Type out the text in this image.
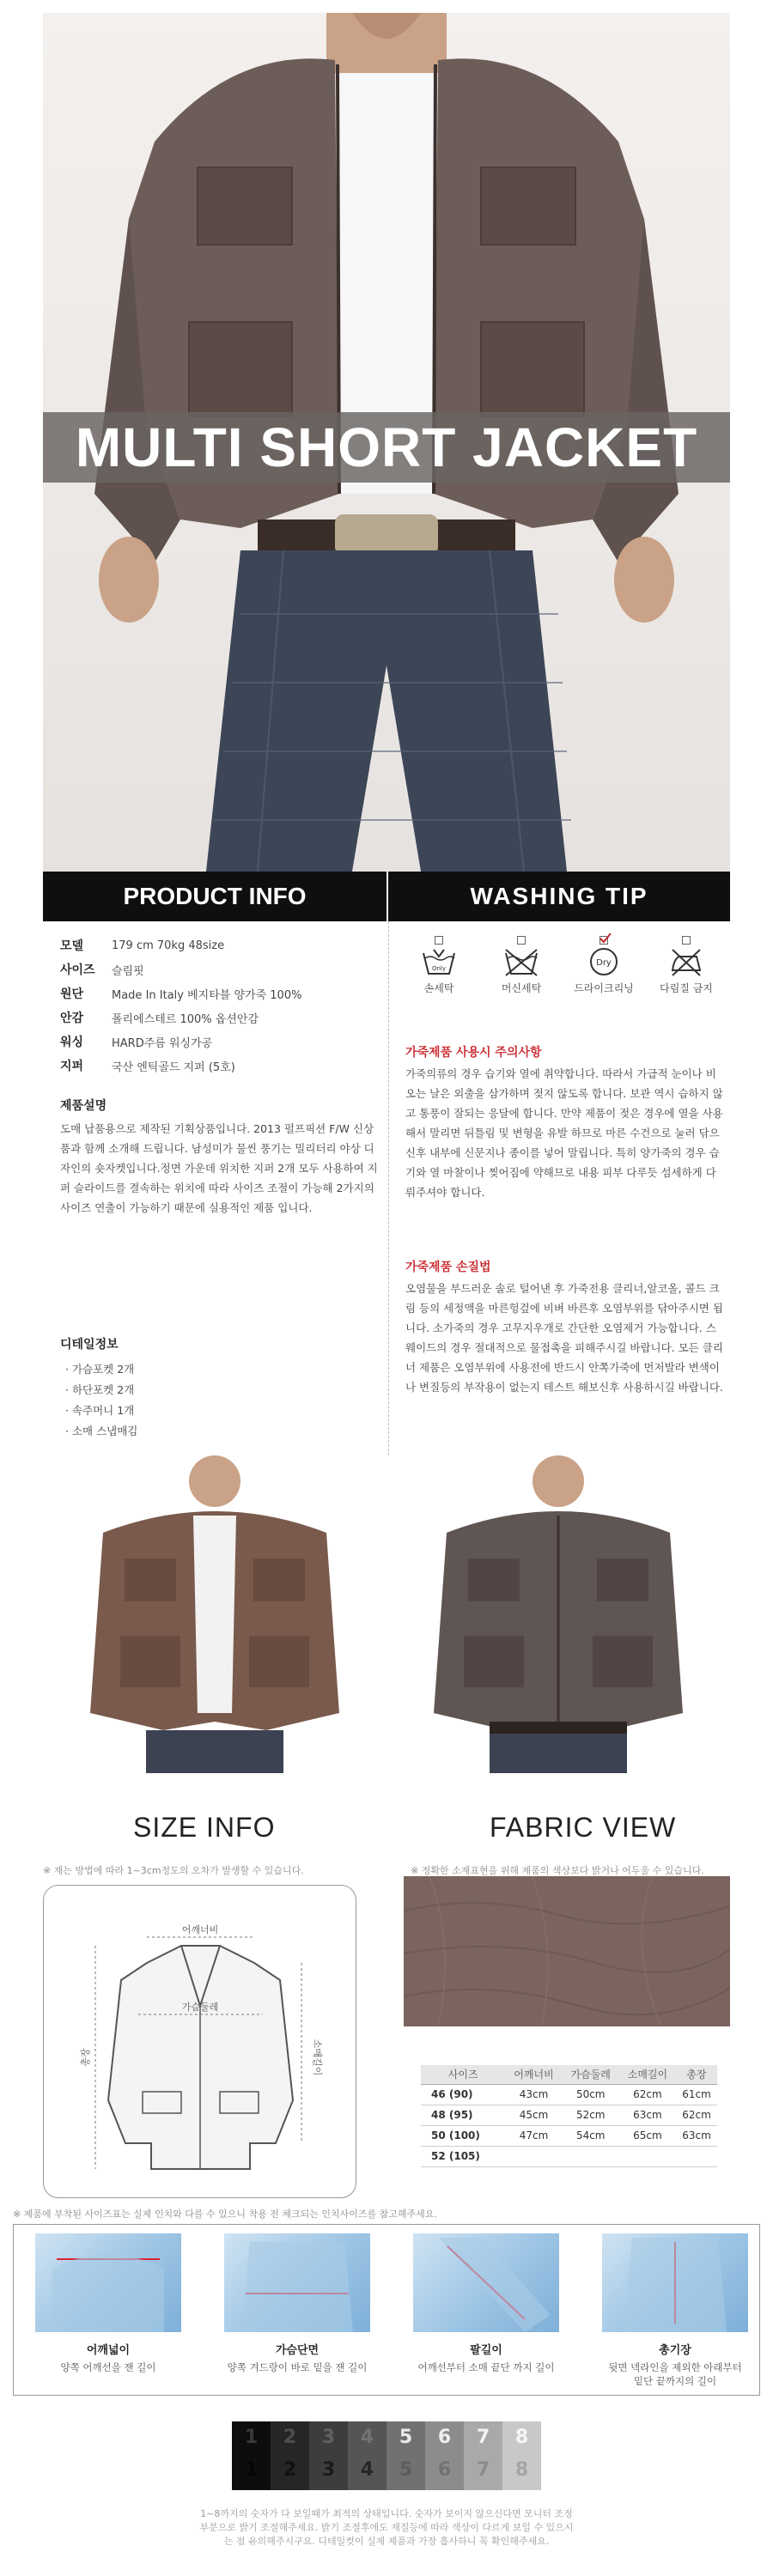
MULTI SHORT JACKET
PRODUCT INFO	WASHING TIP
모델	179 cm 70kg 48size
사이즈	슬림핏
원단	Made In Italy 베지타블 양가죽 100%
안감	폴리에스테르 100% 옵션안감
워싱	HARD주름 워싱가공
지퍼	국산 엔틱골드 지퍼 (5호)
제품설명
도매 납품용으로 제작된 기획상품입니다. 2013 펄프픽션 F/W 신상품과 함께 소개해 드립니다. 남성미가 물씬 풍기는 밀리터리 야상 디자인의 숏자켓입니다.정면 가운데 위치한 지퍼 2개 모두 사용하여 지퍼 슬라이드를 결속하는 위치에 따라 사이즈 조절이 가능해 2가지의 사이즈 연출이 가능하기 때문에 실용적인 제품 입니다.
디테일정보
· 가슴포켓 2개
· 하단포켓 2개
· 속주머니 1개
· 소매 스냅매김
Only
손세탁	머신세탁
Dry
드라이크리닝	다림질 금지
가죽제품 사용시 주의사항
가죽의류의 경우 습기와 열에 취약합니다. 따라서 가급적 눈이나 비오는 날은 외출을 삼가하며 젖지 않도록 합니다. 보관 역시 습하지 않고 통풍이 잘되는 응달에 합니다. 만약 제품이 젖은 경우에 열을 사용해서 말리면 뒤틀림 및 변형을 유발 하므로 마른 수건으로 눌러 닦으신후 내부에 신문지나 종이를 넣어 말립니다. 특히 양가죽의 경우 습기와 열 마찰이나 찢어짐에 약해므로 내용 피부 다루듯 섬세하게 다뤄주셔야 합니다.
가죽제품 손질법
오염물을 부드러운 솔로 털어낸 후 가죽전용 클리너,알코올, 콜드 크림 등의 세정액을 마른헝겊에 비벼 바른후 오염부위를 닦아주시면 됩니다. 소가죽의 경우 고무지우개로 간단한 오염제거 가능합니다. 스웨이드의 경우 절대적으로 물접촉을 피해주시길 바랍니다. 모든 클리너 제품은 오염부위에 사용전에 반드시 안쪽가죽에 먼저발라 변색이나 변질등의 부작용이 없는지 테스트 해보신후 사용하시길 바랍니다.
SIZE INFO
※ 재는 방법에 따라 1~3cm정도의 오차가 발생할 수 있습니다.
어깨너비
가슴둘레
총장	소매길이
FABRIC VIEW
※ 정확한 소재표현을 위해 제품의 색상보다 밝거나 어두울 수 있습니다.
사이즈	어깨너비	가슴둘레	소매길이	총장
46 (90)	43cm	50cm	62cm	61cm
48 (95)	45cm	52cm	63cm	62cm
50 (100)	47cm	54cm	65cm	63cm
52 (105)				
※ 제품에 부착된 사이즈표는 실제 인치와 다를 수 있으니 착용 전 체크되는 인치사이즈를 참고해주세요.
어깨넓이
양쪽 어깨선을 잰 길이
가슴단면
양쪽 겨드랑이 바로 밑을 잰 길이
팔길이
어깨선부터 소매 끝단 까지 길이
총기장
뒷면 넥라인을 제외한 아래부터 밑단 끝까지의 길이
1
1
2
2
3
3
4
4
5
5
6
6
7
7
8
8
1~8까지의 숫자가 다 보일때가 최적의 상태입니다. 숫자가 보이지 않으신다면 모니터 조정부분으로 밝기 조절해주세요. 밝기 조절후에도 재질등에 따라 색상이 다르게 보일 수 있으시는 점 유의해주시구요. 디테일컷이 실제 제품과 가장 흡사하니 꼭 확인해주세요.
